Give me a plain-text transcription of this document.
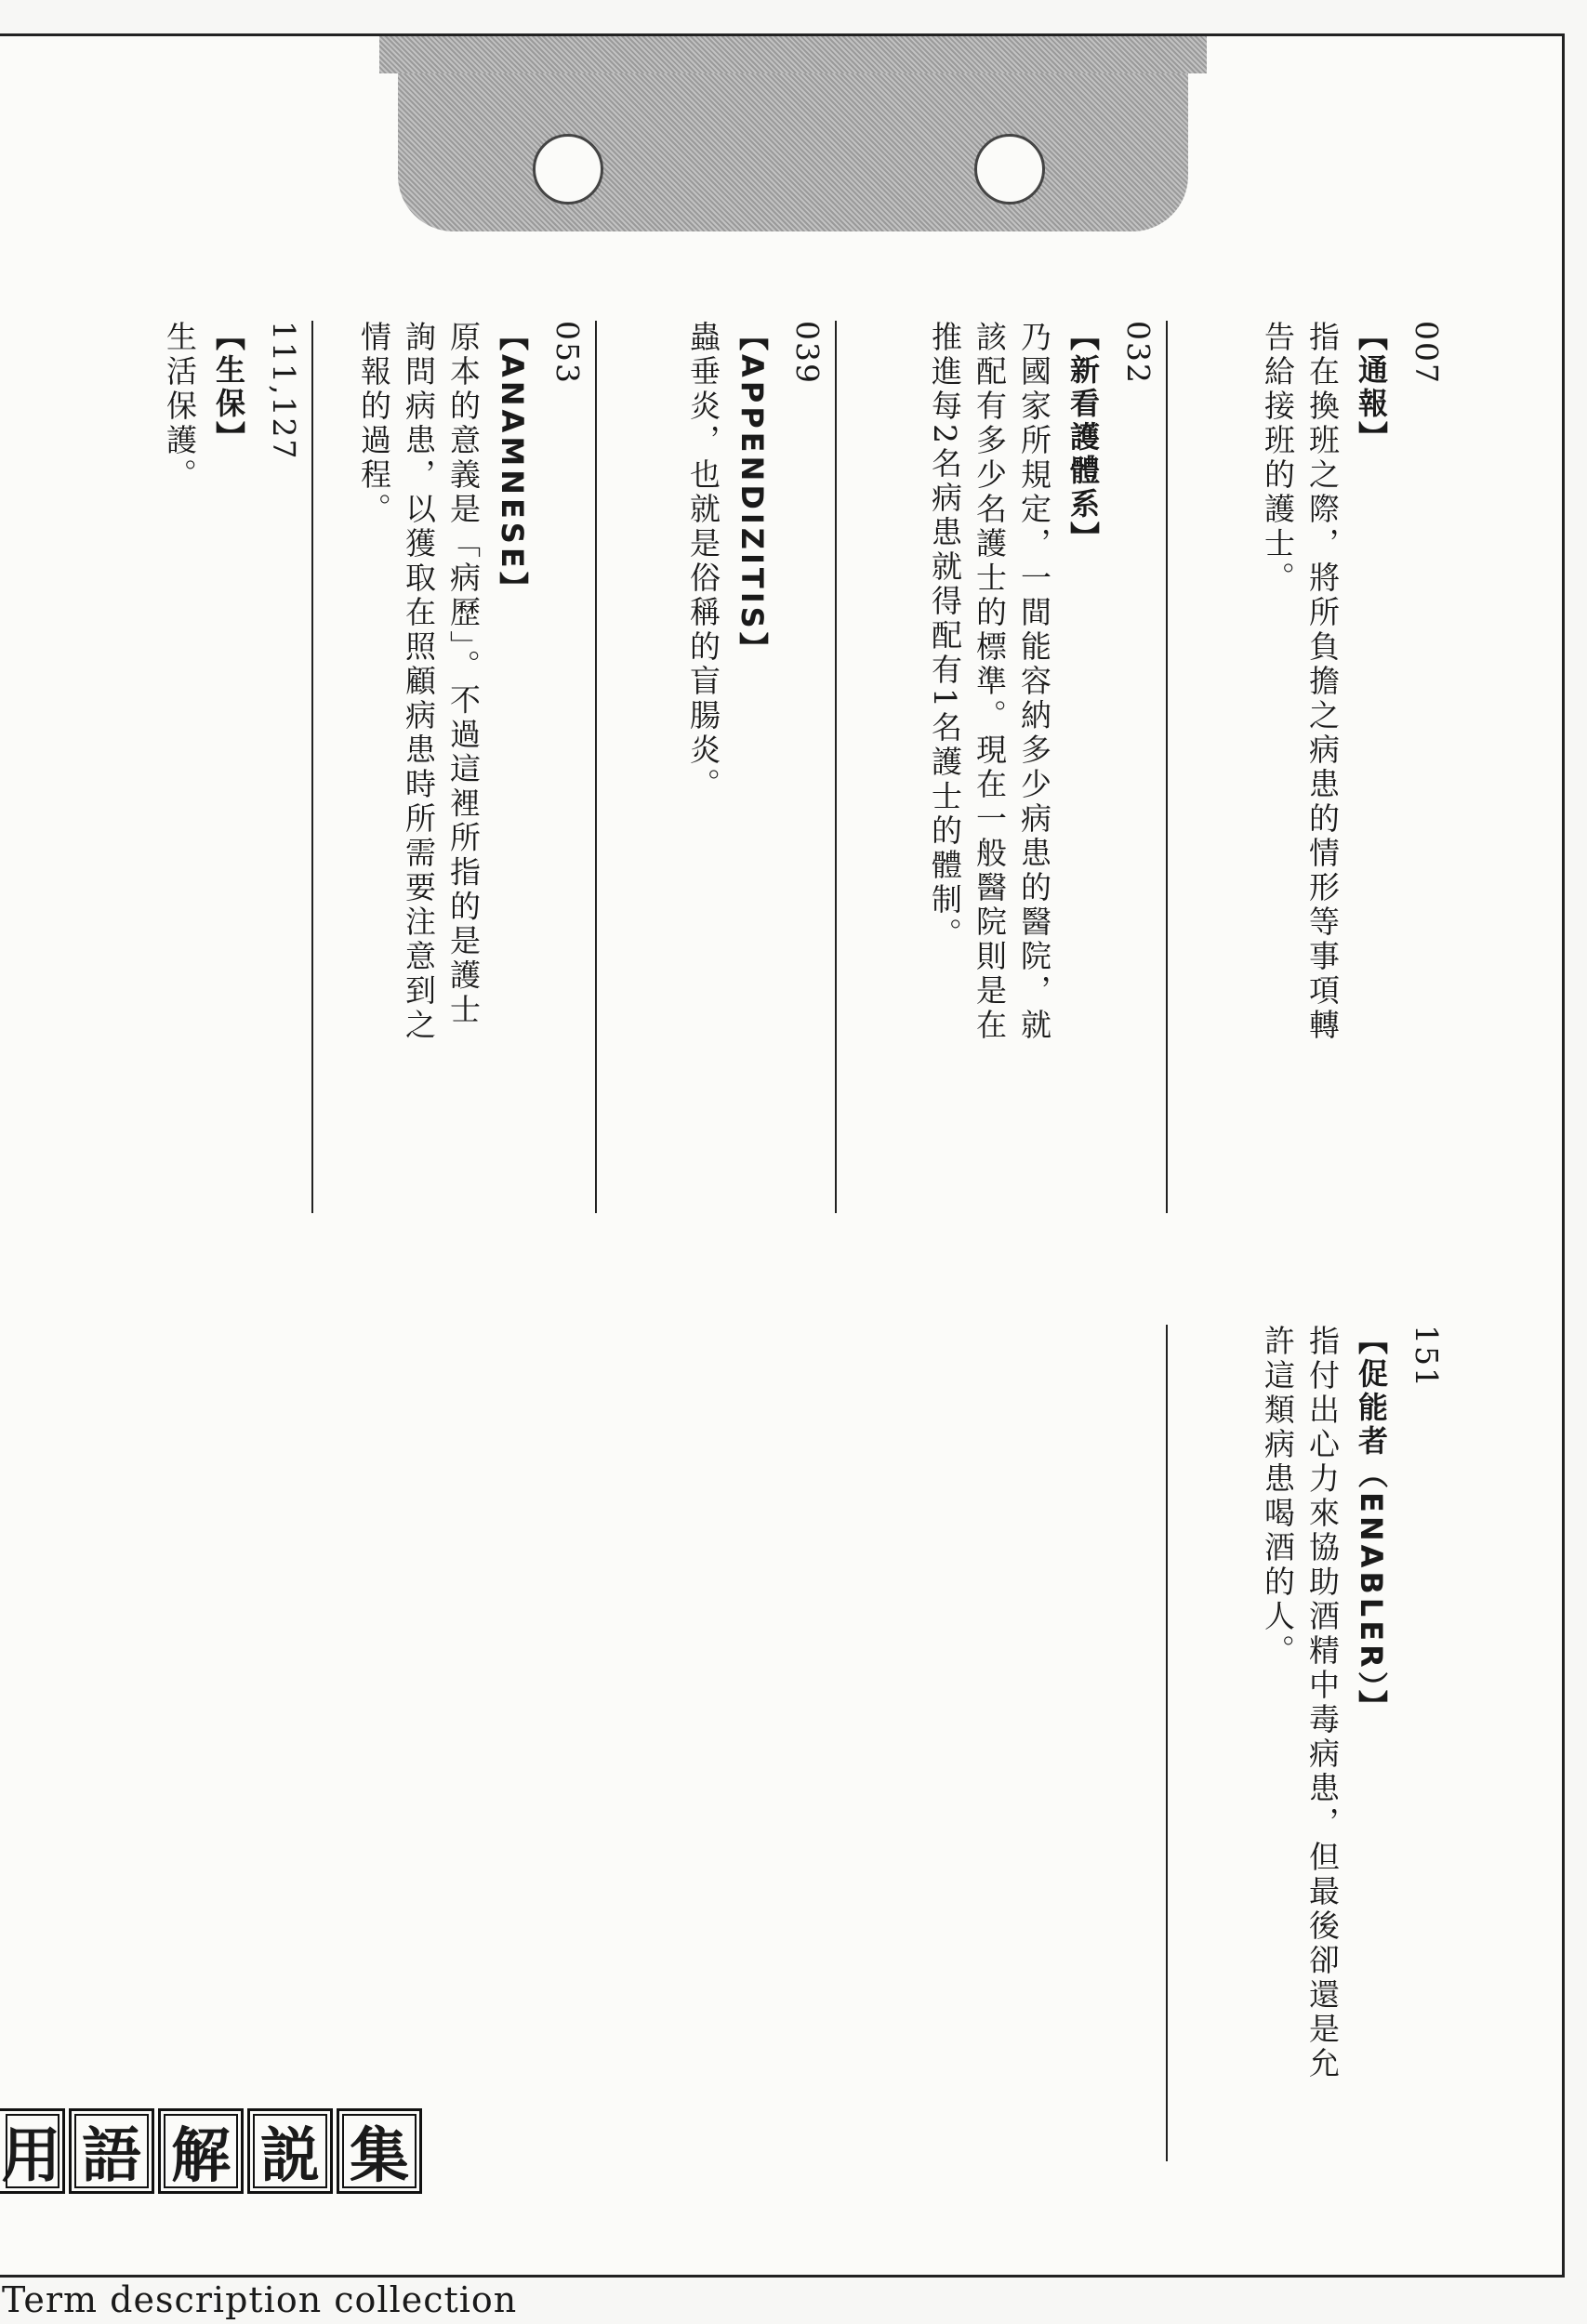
007
【通報】
指在換班之際，將所負擔之病患的情形等事項轉
告給接班的護士。
032
【新看護體系】
乃國家所規定，一間能容納多少病患的醫院，就
該配有多少名護士的標準。現在一般醫院則是在
推進每2名病患就得配有1名護士的體制。
039
【APPENDIZITIS】
蟲垂炎，也就是俗稱的盲腸炎。
053
【ANAMNESE】
原本的意義是「病歷」。不過這裡所指的是護士
詢問病患，以獲取在照顧病患時所需要注意到之
情報的過程。
111,127
【生保】
生活保護。
151
【促能者（ENABLER）】
指付出心力來協助酒精中毒病患，但最後卻還是允
許這類病患喝酒的人。
用 語 解 説 集
Term description collection
